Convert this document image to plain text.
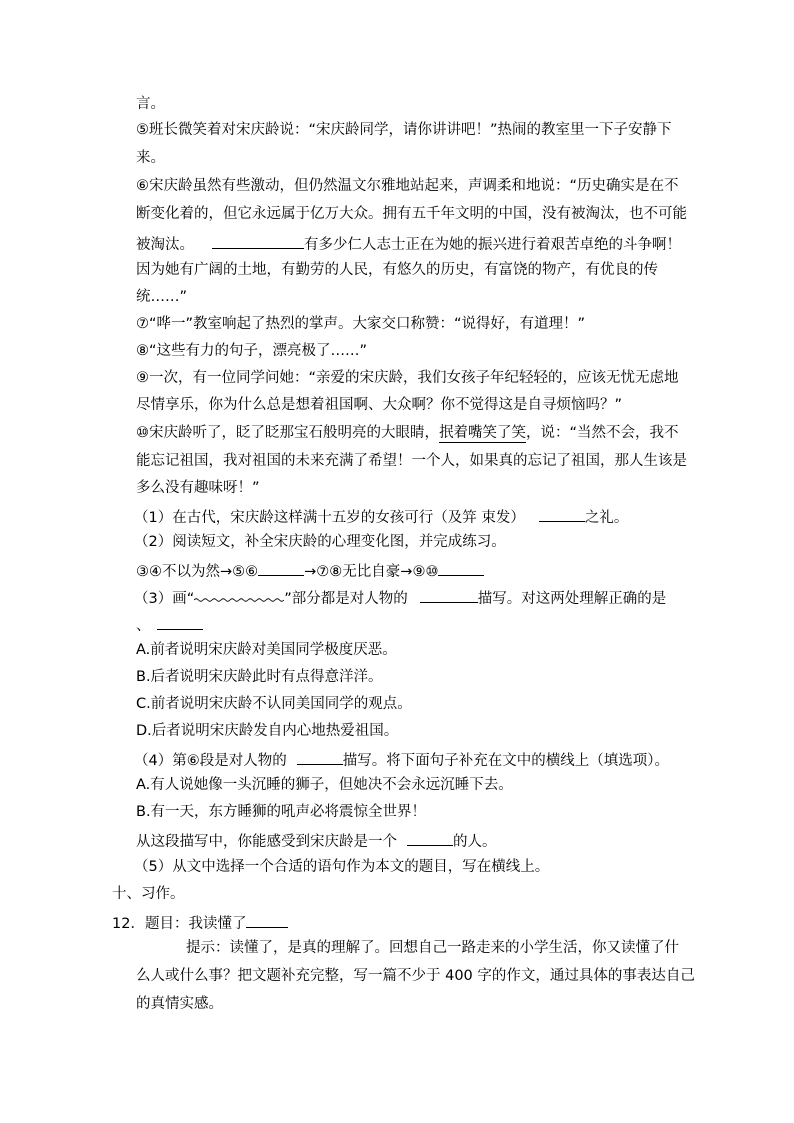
言。
⑤班长微笑着对宋庆龄说：“宋庆龄同学，请你讲讲吧！”热闹的教室里一下子安静下
来。
⑥宋庆龄虽然有些激动，但仍然温文尔雅地站起来，声调柔和地说：“历史确实是在不
断变化着的，但它永远属于亿万大众。拥有五千年文明的中国，没有被淘汰，也不可能
被淘汰。	有多少仁人志士正在为她的振兴进行着艰苦卓绝的斗争啊！
因为她有广阔的土地，有勤劳的人民，有悠久的历史，有富饶的物产，有优良的传
统……”
⑦“哗一”教室响起了热烈的掌声。大家交口称赞：“说得好，有道理！”
⑧“这些有力的句子，漂亮极了……”
⑨一次，有一位同学问她：“亲爱的宋庆龄，我们女孩子年纪轻轻的，应该无忧无虑地
尽情享乐，你为什么总是想着祖国啊、大众啊？你不觉得这是自寻烦恼吗？”
⑩宋庆龄听了，眨了眨那宝石般明亮的大眼睛，抿着嘴笑了笑，说：“当然不会，我不
能忘记祖国，我对祖国的未来充满了希望！一个人，如果真的忘记了祖国，那人生该是
多么没有趣味呀！”
（1）在古代，宋庆龄这样满十五岁的女孩可行（及笄 束发）	之礼。
（2）阅读短文，补全宋庆龄的心理变化图，并完成练习。
③④不以为然→⑤⑥	→⑦⑧无比自豪→⑨⑩
（3）画“	”部分都是对人物的	描写。对这两处理解正确的是
、
A.前者说明宋庆龄对美国同学极度厌恶。
B.后者说明宋庆龄此时有点得意洋洋。
C.前者说明宋庆龄不认同美国同学的观点。
D.后者说明宋庆龄发自内心地热爱祖国。
（4）第⑥段是对人物的	描写。将下面句子补充在文中的横线上（填选项）。
A.有人说她像一头沉睡的狮子，但她决不会永远沉睡下去。
B.有一天，东方睡狮的吼声必将震惊全世界！
从这段描写中，你能感受到宋庆龄是一个	的人。
（5）从文中选择一个合适的语句作为本文的题目，写在横线上。
十、习作。
12．题目：我读懂了
提示：读懂了，是真的理解了。回想自己一路走来的小学生活，你又读懂了什
么人或什么事？把文题补充完整，写一篇不少于 400 字的作文，通过具体的事表达自己
的真情实感。
